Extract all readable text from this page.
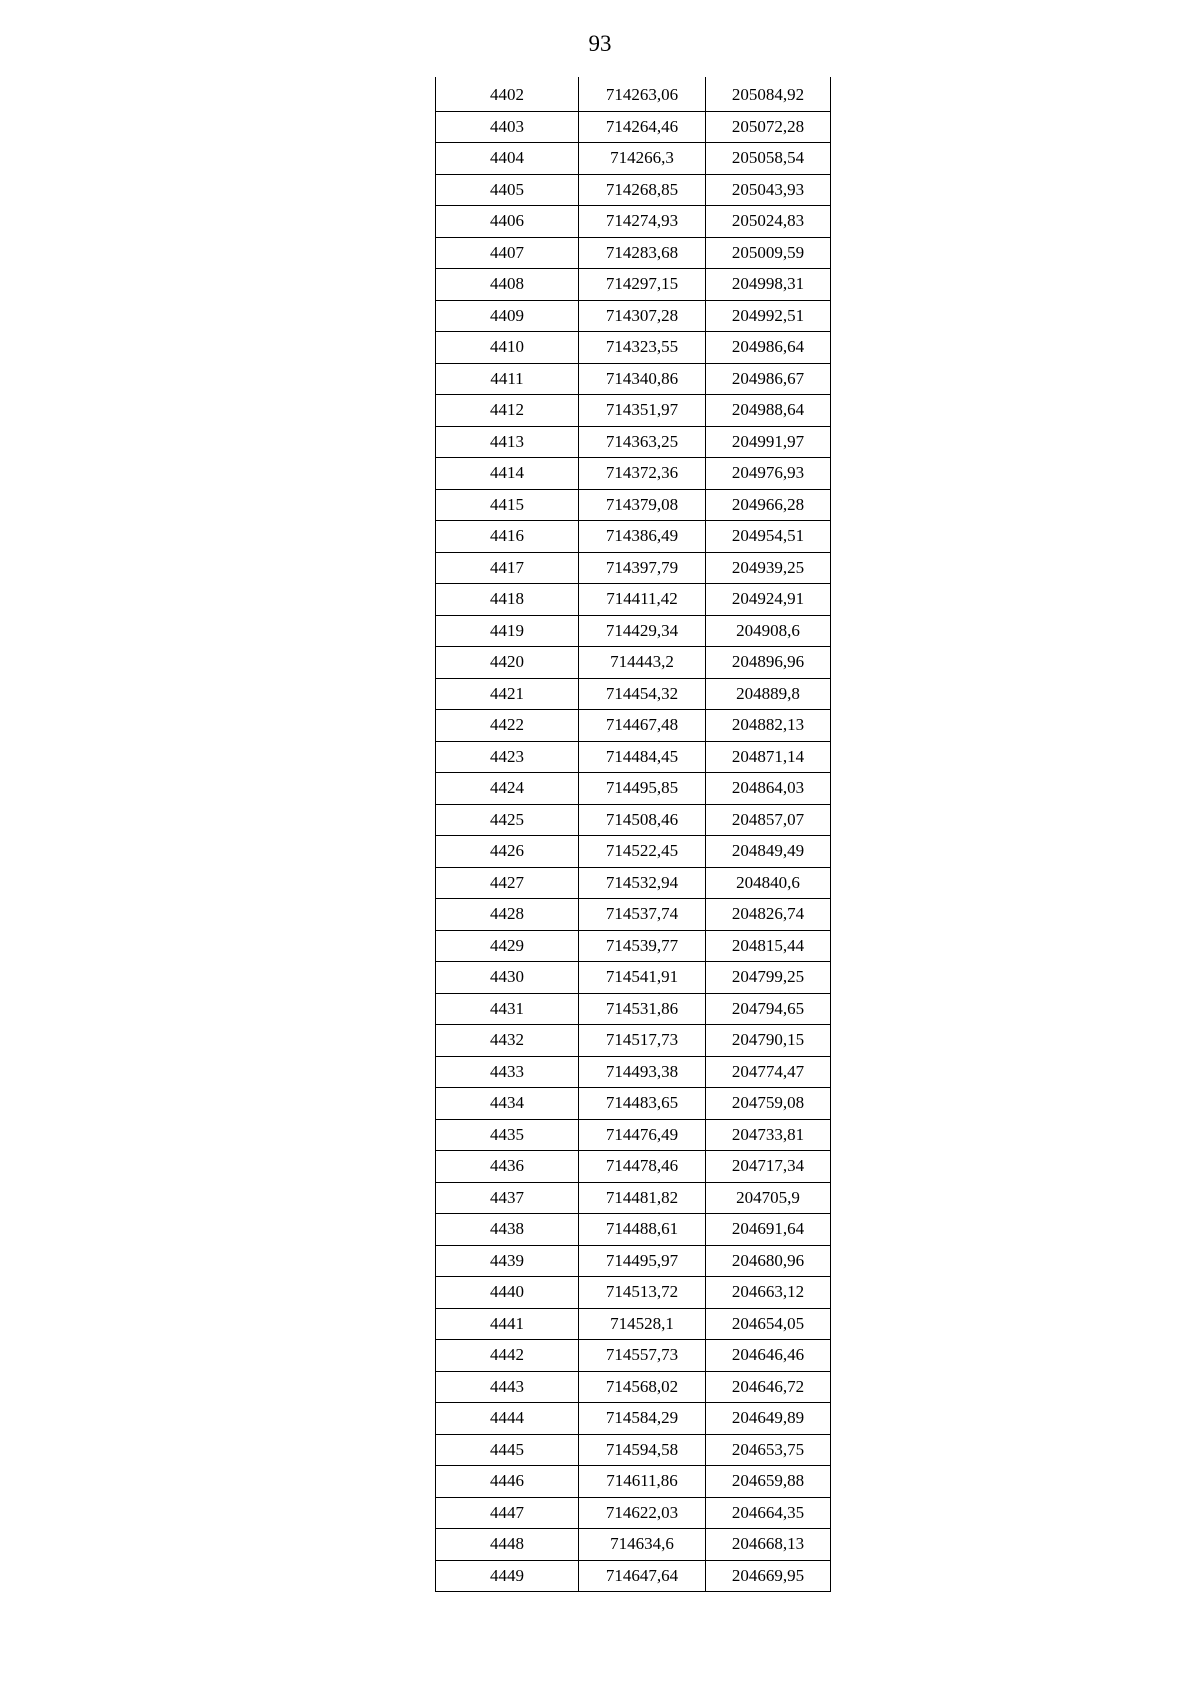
93
4402	714263,06	205084,92
4403	714264,46	205072,28
4404	714266,3	205058,54
4405	714268,85	205043,93
4406	714274,93	205024,83
4407	714283,68	205009,59
4408	714297,15	204998,31
4409	714307,28	204992,51
4410	714323,55	204986,64
4411	714340,86	204986,67
4412	714351,97	204988,64
4413	714363,25	204991,97
4414	714372,36	204976,93
4415	714379,08	204966,28
4416	714386,49	204954,51
4417	714397,79	204939,25
4418	714411,42	204924,91
4419	714429,34	204908,6
4420	714443,2	204896,96
4421	714454,32	204889,8
4422	714467,48	204882,13
4423	714484,45	204871,14
4424	714495,85	204864,03
4425	714508,46	204857,07
4426	714522,45	204849,49
4427	714532,94	204840,6
4428	714537,74	204826,74
4429	714539,77	204815,44
4430	714541,91	204799,25
4431	714531,86	204794,65
4432	714517,73	204790,15
4433	714493,38	204774,47
4434	714483,65	204759,08
4435	714476,49	204733,81
4436	714478,46	204717,34
4437	714481,82	204705,9
4438	714488,61	204691,64
4439	714495,97	204680,96
4440	714513,72	204663,12
4441	714528,1	204654,05
4442	714557,73	204646,46
4443	714568,02	204646,72
4444	714584,29	204649,89
4445	714594,58	204653,75
4446	714611,86	204659,88
4447	714622,03	204664,35
4448	714634,6	204668,13
4449	714647,64	204669,95
